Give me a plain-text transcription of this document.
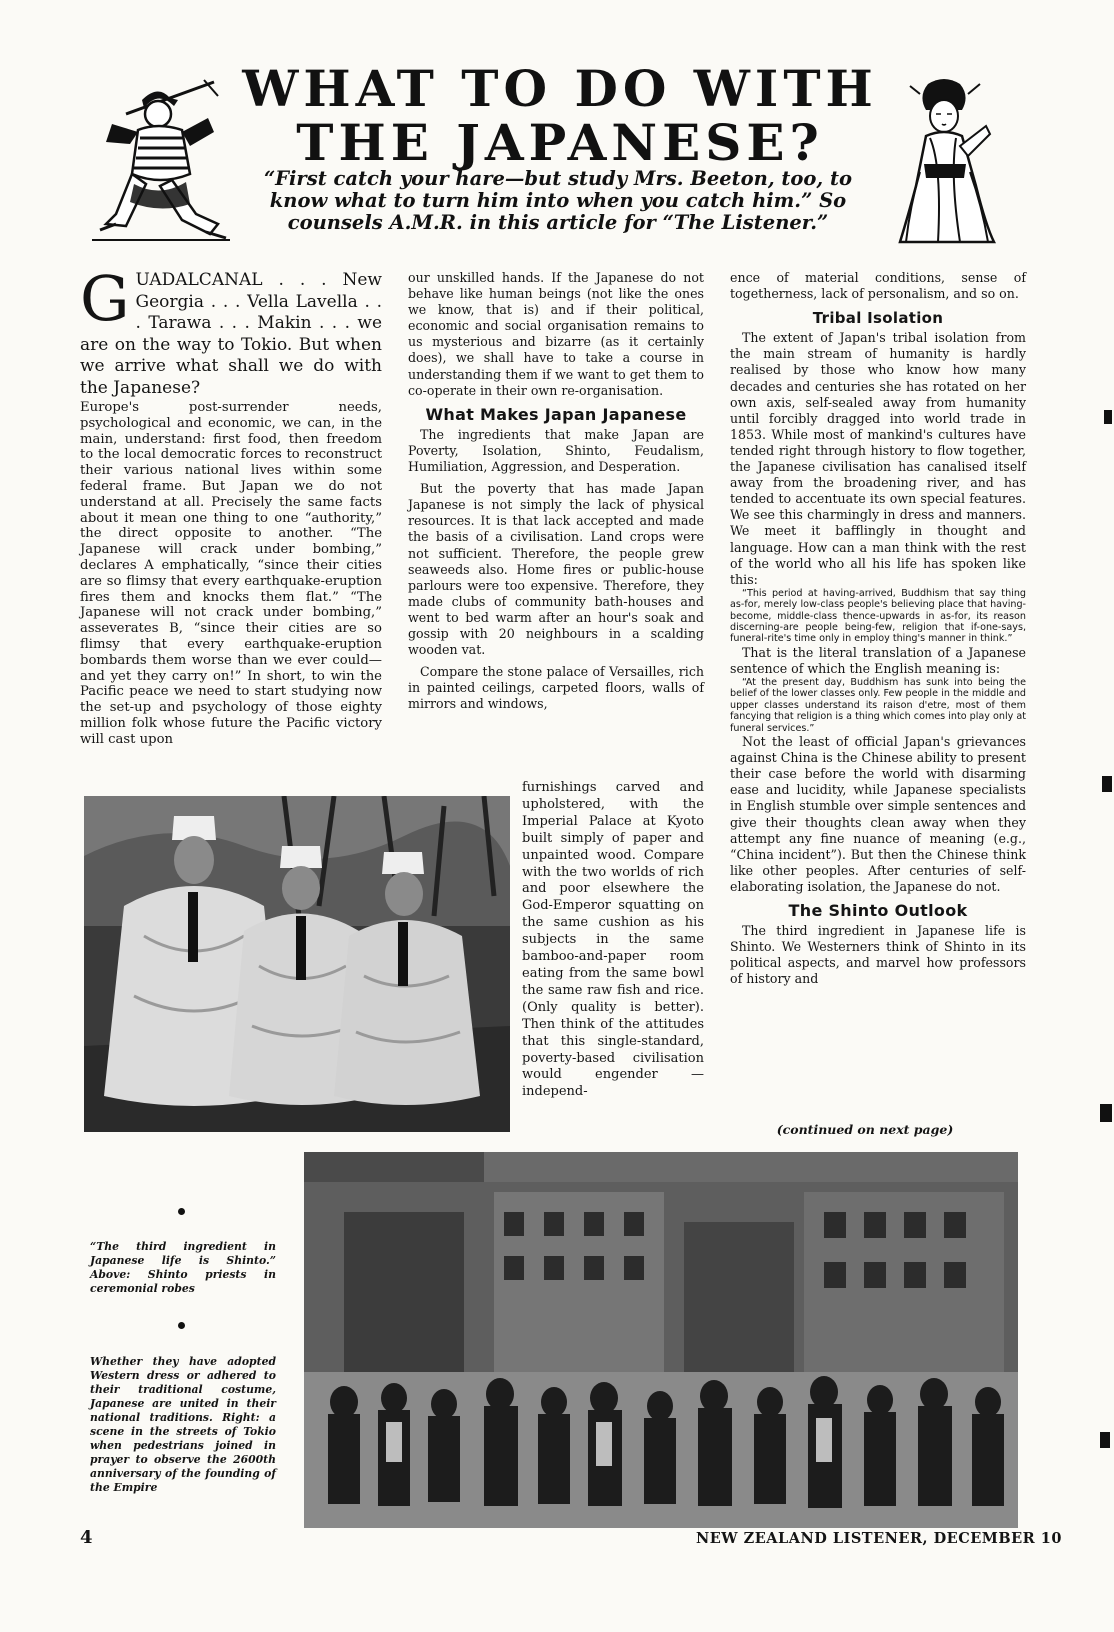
WHAT TO DO WITH
THE JAPANESE?

“First catch your hare—but study Mrs. Beeton, too, to know what to turn him into when you catch him.” So counsels A.M.R. in this article for “The Listener.”

GUADALCANAL . . . New Georgia . . . Vella Lavella . . . Tarawa . . . Makin . . . we are on the way to Tokio. But when we arrive what shall we do with the Japanese?

Europe's post-surrender needs, psychological and economic, we can, in the main, understand: first food, then freedom to the local democratic forces to reconstruct their various national lives within some federal frame. But Japan we do not understand at all. Precisely the same facts about it mean one thing to one “authority,” the direct opposite to another. “The Japanese will crack under bombing,” declares A emphatically, “since their cities are so flimsy that every earthquake-eruption fires them and knocks them flat.” “The Japanese will not crack under bombing,” asseverates B, “since their cities are so flimsy that every earthquake-eruption bombards them worse than we ever could—and yet they carry on!” In short, to win the Pacific peace we need to start studying now the set-up and psychology of those eighty million folk whose future the Pacific victory will cast upon

our unskilled hands. If the Japanese do not behave like human beings (not like the ones we know, that is) and if their political, economic and social organisation remains to us mysterious and bizarre (as it certainly does), we shall have to take a course in understanding them if we want to get them to co-operate in their own re-organisation.

What Makes Japan Japanese

The ingredients that make Japan are Poverty, Isolation, Shinto, Feudalism, Humiliation, Aggression, and Desperation.

But the poverty that has made Japan Japanese is not simply the lack of physical resources. It is that lack accepted and made the basis of a civilisation. Land crops were not sufficient. Therefore, the people grew seaweeds also. Home fires or public-house parlours were too expensive. Therefore, they made clubs of community bath-houses and went to bed warm after an hour's soak and gossip with 20 neighbours in a scalding wooden vat.

Compare the stone palace of Versailles, rich in painted ceilings, carpeted floors, walls of mirrors and windows,

furnishings carved and upholstered, with the Imperial Palace at Kyoto built simply of paper and unpainted wood. Compare with the two worlds of rich and poor elsewhere the God-Emperor squatting on the same cushion as his subjects in the same bamboo-and-paper room eating from the same bowl the same raw fish and rice. (Only quality is better). Then think of the attitudes that this single-standard, poverty-based civilisation would engender — independ-

ence of material conditions, sense of togetherness, lack of personalism, and so on.

Tribal Isolation

The extent of Japan's tribal isolation from the main stream of humanity is hardly realised by those who know how many decades and centuries she has rotated on her own axis, self-sealed away from humanity until forcibly dragged into world trade in 1853. While most of mankind's cultures have tended right through history to flow together, the Japanese civilisation has canalised itself away from the broadening river, and has tended to accentuate its own special features. We see this charmingly in dress and manners. We meet it bafflingly in thought and language. How can a man think with the rest of the world who all his life has spoken like this:

“This period at having-arrived, Buddhism that say thing as-for, merely low-class people's believing place that having-become, middle-class thence-upwards in as-for, its reason discerning-are people being-few, religion that if-one-says, funeral-rite's time only in employ thing's manner in think.”

That is the literal translation of a Japanese sentence of which the English meaning is:

“At the present day, Buddhism has sunk into being the belief of the lower classes only. Few people in the middle and upper classes understand its raison d'etre, most of them fancying that religion is a thing which comes into play only at funeral services.”

Not the least of official Japan's grievances against China is the Chinese ability to present their case before the world with disarming ease and lucidity, while Japanese specialists in English stumble over simple sentences and give their thoughts clean away when they attempt any fine nuance of meaning (e.g., “China incident”). But then the Chinese think like other peoples. After centuries of self-elaborating isolation, the Japanese do not.

The Shinto Outlook

The third ingredient in Japanese life is Shinto. We Westerners think of Shinto in its political aspects, and marvel how professors of history and

(continued on next page)
“The third ingredient in Japanese life is Shinto.” Above: Shinto priests in ceremonial robes
Whether they have adopted Western dress or adhered to their traditional costume, Japanese are united in their national traditions. Right: a scene in the streets of Tokio when pedestrians joined in prayer to observe the 2600th anniversary of the founding of the Empire
4	NEW ZEALAND LISTENER, DECEMBER 10
